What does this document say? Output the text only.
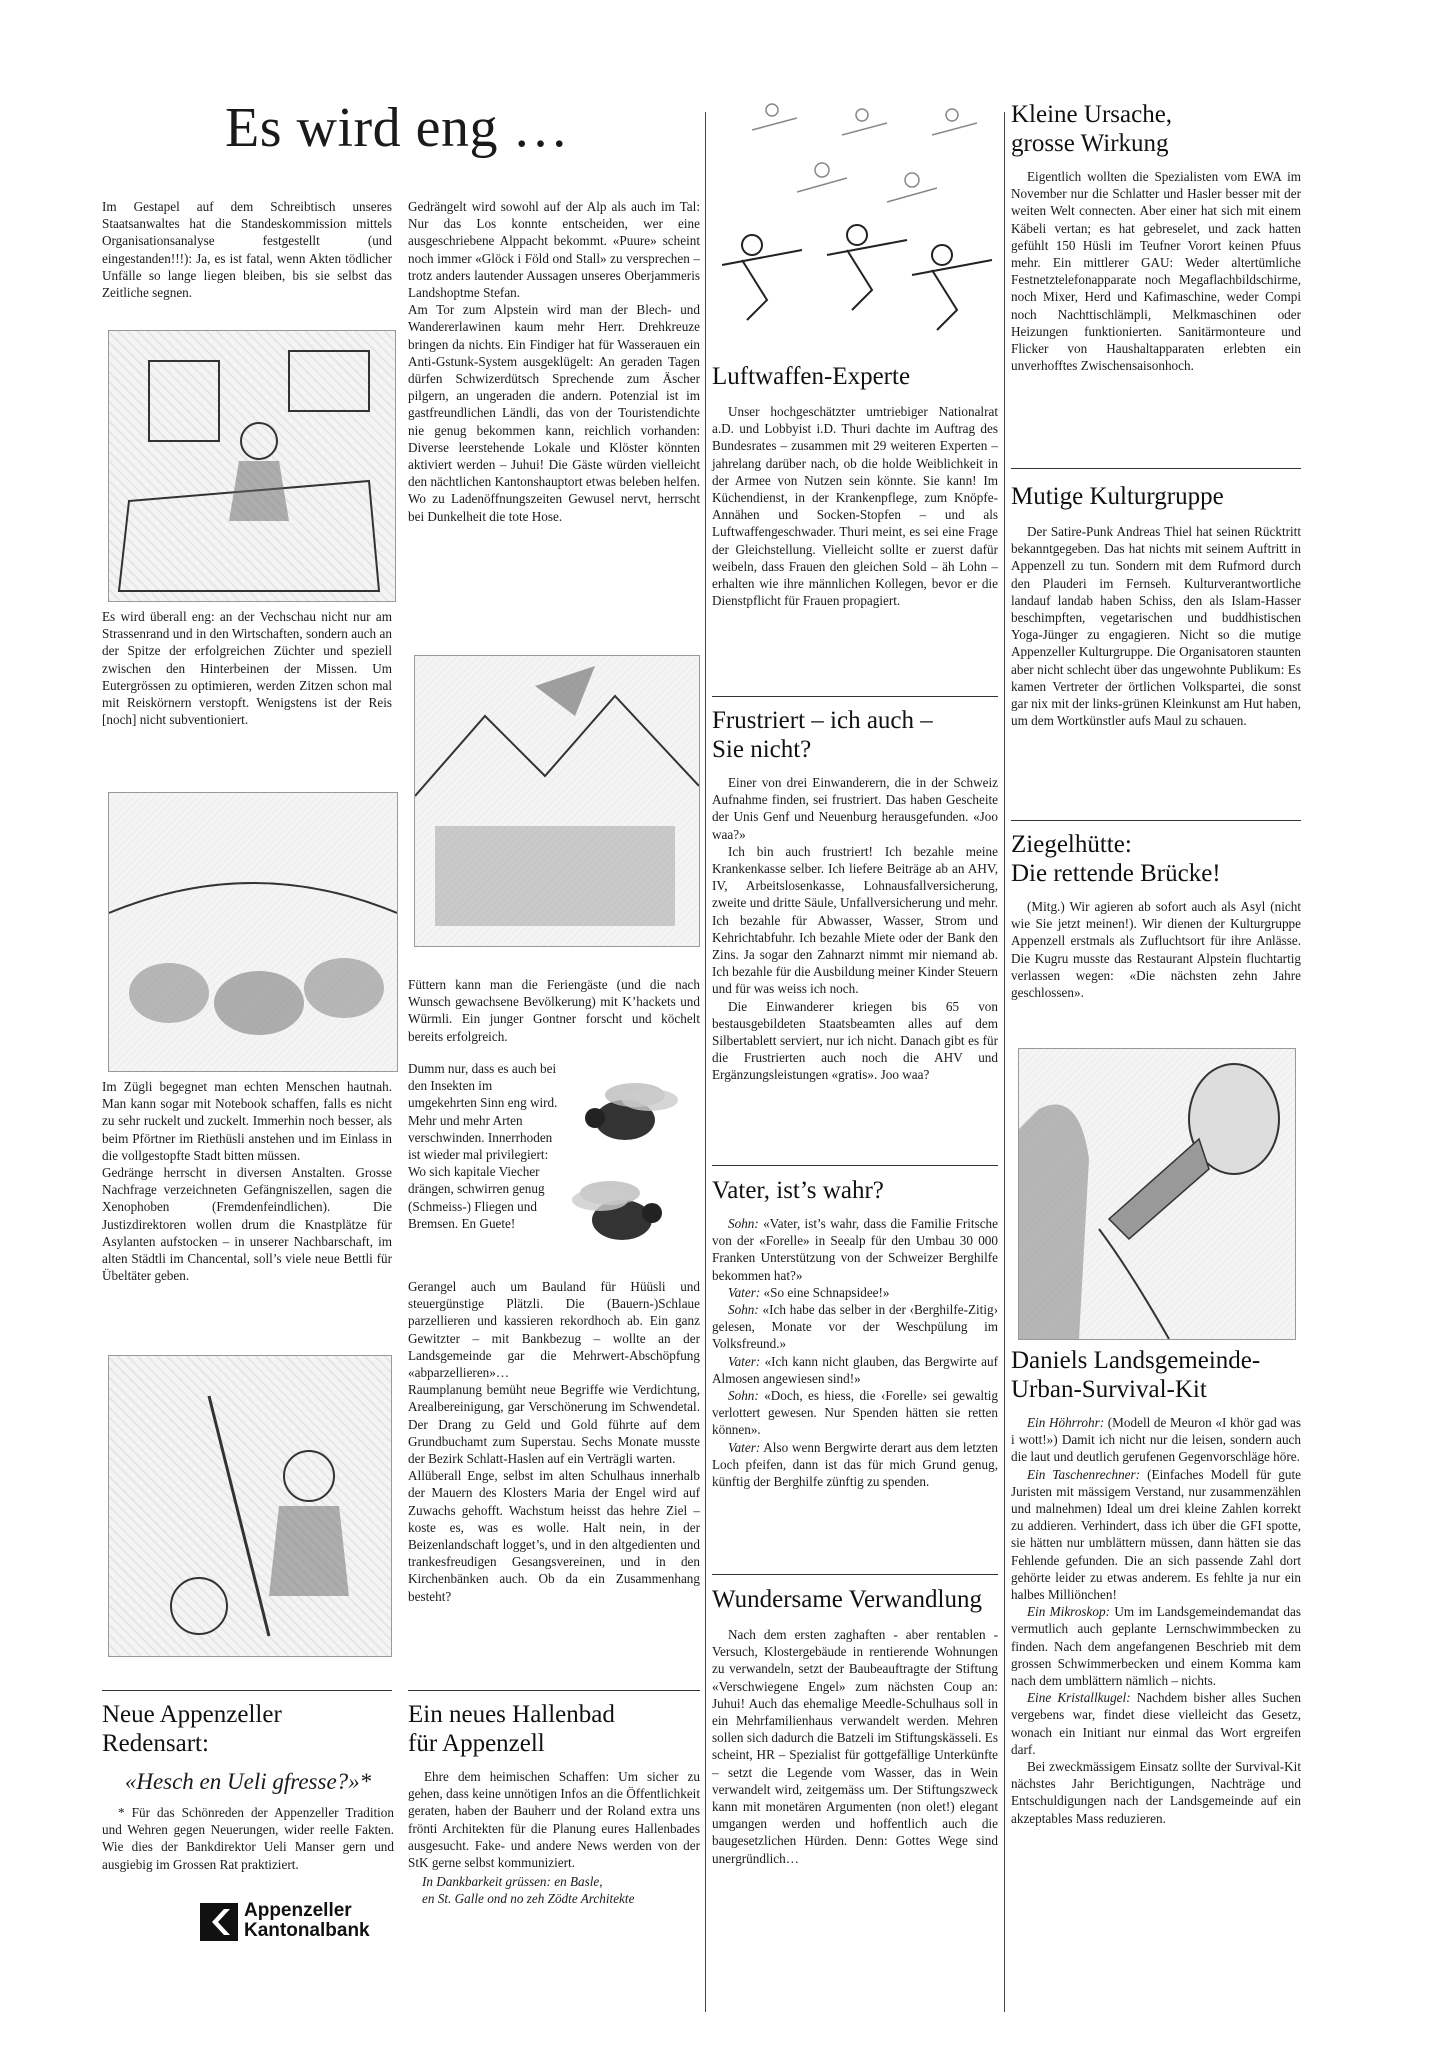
Es wird eng …

Im Gestapel auf dem Schreibtisch unseres Staatsanwaltes hat die Standeskommission mittels Organisationsanalyse festgestellt (und eingestanden!!!): Ja, es ist fatal, wenn Akten tödlicher Unfälle so lange liegen bleiben, bis sie selbst das Zeitliche segnen.

Es wird überall eng: an der Vechschau nicht nur am Strassenrand und in den Wirtschaften, sondern auch an der Spitze der erfolgreichen Züchter und speziell zwischen den Hinterbeinen der Missen. Um Eutergrössen zu optimieren, werden Zitzen schon mal mit Reiskörnern verstopft. Wenigstens ist der Reis [noch] nicht subventioniert.

Im Zügli begegnet man echten Menschen hautnah. Man kann sogar mit Notebook schaffen, falls es nicht zu sehr ruckelt und zuckelt. Immerhin noch besser, als beim Pförtner im Riethüsli anstehen und im Einlass in die vollgestopfte Stadt bitten müssen.

Gedränge herrscht in diversen Anstalten. Grosse Nachfrage verzeichneten Gefängniszellen, sagen die Xenophoben (Fremdenfeindlichen). Die Justizdirektoren wollen drum die Knastplätze für Asylanten aufstocken – in unserer Nachbarschaft, im alten Städtli im Chancental, soll’s viele neue Bettli für Übeltäter geben.

Gedrängelt wird sowohl auf der Alp als auch im Tal: Nur das Los konnte entscheiden, wer eine ausgeschriebene Alppacht bekommt. «Puure» scheint noch immer «Glöck i Föld ond Stall» zu versprechen – trotz anders lautender Aussagen unseres Oberjammeris Landshoptme Stefan.

Am Tor zum Alpstein wird man der Blech- und Wandererlawinen kaum mehr Herr. Drehkreuze bringen da nichts. Ein Findiger hat für Wasserauen ein Anti-Gstunk-System ausgeklügelt: An geraden Tagen dürfen Schwizerdütsch Sprechende zum Äscher pilgern, an ungeraden die andern. Potenzial ist im gastfreundlichen Ländli, das von der Touristendichte nie genug bekommen kann, reichlich vorhanden: Diverse leerstehende Lokale und Klöster könnten aktiviert werden – Juhui! Die Gäste würden vielleicht den nächtlichen Kantonshauptort etwas beleben helfen. Wo zu Ladenöffnungszeiten Gewusel nervt, herrscht bei Dunkelheit die tote Hose.

Füttern kann man die Feriengäste (und die nach Wunsch gewachsene Bevölkerung) mit K’hackets und Würmli. Ein junger Gontner forscht und köchelt bereits erfolgreich.

Dumm nur, dass es auch bei den Insekten im umgekehrten Sinn eng wird. Mehr und mehr Arten verschwinden. Innerrhoden ist wieder mal privilegiert: Wo sich kapitale Viecher drängen, schwirren genug (Schmeiss-) Fliegen und Bremsen. En Guete!

Gerangel auch um Bauland für Hüüsli und steuergünstige Plätzli. Die (Bauern-)Schlaue parzellieren und kassieren rekordhoch ab. Ein ganz Gewitzter – mit Bankbezug – wollte an der Landsgemeinde gar die Mehrwert-Abschöpfung «abparzellieren»…

Raumplanung bemüht neue Begriffe wie Verdichtung, Arealbereinigung, gar Verschönerung im Schwendetal. Der Drang zu Geld und Gold führte auf dem Grundbuchamt zum Superstau. Sechs Monate musste der Bezirk Schlatt-Haslen auf ein Verträgli warten.

Allüberall Enge, selbst im alten Schulhaus innerhalb der Mauern des Klosters Maria der Engel wird auf Zuwachs gehofft. Wachstum heisst das hehre Ziel – koste es, was es wolle. Halt nein, in der Beizenlandschaft logget’s, und in den altgedienten und trankesfreudigen Gesangsvereinen, und in den Kirchenbänken auch. Ob da ein Zusammenhang besteht?

Neue Appenzeller
Redensart:

«Hesch en Ueli gfresse?»*

* Für das Schönreden der Appenzeller Tradition und Wehren gegen Neuerungen, wider reelle Fakten. Wie dies der Bankdirektor Ueli Manser gern und ausgiebig im Grossen Rat praktiziert.

Appenzeller
Kantonalbank
Ein neues Hallenbad
für Appenzell

Ehre dem heimischen Schaffen: Um sicher zu gehen, dass keine unnötigen Infos an die Öffentlichkeit geraten, haben der Bauherr und der Roland extra uns frönti Architekten für die Planung eures Hallenbades ausgesucht. Fake- und andere News werden von der StK gerne selbst kommuniziert.

In Dankbarkeit grüssen: en Basle,

en St. Galle ond no zeh Zödte Architekte

Luftwaffen-Experte

Unser hochgeschätzter umtriebiger Nationalrat a.D. und Lobbyist i.D. Thuri dachte im Auftrag des Bundesrates – zusammen mit 29 weiteren Experten – jahrelang darüber nach, ob die holde Weiblichkeit in der Armee von Nutzen sein könnte. Sie kann! Im Küchendienst, in der Krankenpflege, zum Knöpfe-Annähen und Socken-Stopfen – und als Luftwaffengeschwader. Thuri meint, es sei eine Frage der Gleichstellung. Vielleicht sollte er zuerst dafür weibeln, dass Frauen den gleichen Sold – äh Lohn – erhalten wie ihre männlichen Kollegen, bevor er die Dienstpflicht für Frauen propagiert.

Frustriert – ich auch –
Sie nicht?

Einer von drei Einwanderern, die in der Schweiz Aufnahme finden, sei frustriert. Das haben Gescheite der Unis Genf und Neuenburg herausgefunden. «Joo waa?»

Ich bin auch frustriert! Ich bezahle meine Krankenkasse selber. Ich liefere Beiträge ab an AHV, IV, Arbeitslosenkasse, Lohnausfallversicherung, zweite und dritte Säule, Unfallversicherung und mehr. Ich bezahle für Abwasser, Wasser, Strom und Kehrichtabfuhr. Ich bezahle Miete oder der Bank den Zins. Ja sogar den Zahnarzt nimmt mir niemand ab. Ich bezahle für die Ausbildung meiner Kinder Steuern und für was weiss ich noch.

Die Einwanderer kriegen bis 65 von bestausgebildeten Staatsbeamten alles auf dem Silbertablett serviert, nur ich nicht. Danach gibt es für die Frustrierten auch noch die AHV und Ergänzungsleistungen «gratis». Joo waa?

Vater, ist’s wahr?

Sohn: «Vater, ist’s wahr, dass die Familie Fritsche von der «Forelle» in Seealp für den Umbau 30 000 Franken Unterstützung von der Schweizer Berghilfe bekommen hat?»

Vater: «So eine Schnapsidee!»

Sohn: «Ich habe das selber in der ‹Berghilfe-Zitig› gelesen, Monate vor der Weschpülung im Volksfreund.»

Vater: «Ich kann nicht glauben, das Bergwirte auf Almosen angewiesen sind!»

Sohn: «Doch, es hiess, die ‹Forelle› sei gewaltig verlottert gewesen. Nur Spenden hätten sie retten können».

Vater: Also wenn Bergwirte derart aus dem letzten Loch pfeifen, dann ist das für mich Grund genug, künftig der Berghilfe zünftig zu spenden.

Wundersame Verwandlung

Nach dem ersten zaghaften - aber rentablen - Versuch, Klostergebäude in rentierende Wohnungen zu verwandeln, setzt der Baubeauftragte der Stiftung «Verschwiegene Engel» zum nächsten Coup an: Juhui! Auch das ehemalige Meedle-Schulhaus soll in ein Mehrfamilienhaus verwandelt werden. Mehren sollen sich dadurch die Batzeli im Stiftungskässeli. Es scheint, HR – Spezialist für gottgefällige Unterkünfte – setzt die Legende vom Wasser, das in Wein verwandelt wird, zeitgemäss um. Der Stiftungszweck kann mit monetären Argumenten (non olet!) elegant umgangen werden und hoffentlich auch die baugesetzlichen Hürden. Denn: Gottes Wege sind unergründlich…

Kleine Ursache,
grosse Wirkung

Eigentlich wollten die Spezialisten vom EWA im November nur die Schlatter und Hasler besser mit der weiten Welt connecten. Aber einer hat sich mit einem Käbeli vertan; es hat gebreselet, und zack hatten gefühlt 150 Hüsli im Teufner Vorort keinen Pfuus mehr. Ein mittlerer GAU: Weder altertümliche Festnetztelefonapparate noch Megaflachbildschirme, noch Mixer, Herd und Kafimaschine, weder Compi noch Nachttischlämpli, Melkmaschinen oder Heizungen funktionierten. Sanitärmonteure und Flicker von Haushaltapparaten erlebten ein unverhofftes Zwischensaisonhoch.

Mutige Kulturgruppe

Der Satire-Punk Andreas Thiel hat seinen Rücktritt bekanntgegeben. Das hat nichts mit seinem Auftritt in Appenzell zu tun. Sondern mit dem Rufmord durch den Plauderi im Fernseh. Kulturverantwortliche landauf landab haben Schiss, den als Islam-Hasser beschimpften, vegetarischen und buddhistischen Yoga-Jünger zu engagieren. Nicht so die mutige Appenzeller Kulturgruppe. Die Organisatoren staunten aber nicht schlecht über das ungewohnte Publikum: Es kamen Vertreter der örtlichen Volkspartei, die sonst gar nix mit der links-grünen Kleinkunst am Hut haben, um dem Wortkünstler aufs Maul zu schauen.

Ziegelhütte:
Die rettende Brücke!

(Mitg.) Wir agieren ab sofort auch als Asyl (nicht wie Sie jetzt meinen!). Wir dienen der Kulturgruppe Appenzell erstmals als Zufluchtsort für ihre Anlässe. Die Kugru musste das Restaurant Alpstein fluchtartig verlassen wegen: «Die nächsten zehn Jahre geschlossen».

Daniels Landsgemeinde-
Urban-Survival-Kit

Ein Höhrrohr: (Modell de Meuron «I khör gad was i wott!») Damit ich nicht nur die leisen, sondern auch die laut und deutlich gerufenen Gegenvorschläge höre.

Ein Taschenrechner: (Einfaches Modell für gute Juristen mit mässigem Verstand, nur zusammenzählen und malnehmen) Ideal um drei kleine Zahlen korrekt zu addieren. Verhindert, dass ich über die GFI spotte, sie hätten nur umblättern müssen, dann hätten sie das Fehlende gefunden. Die an sich passende Zahl dort gehörte leider zu etwas anderem. Es fehlte ja nur ein halbes Milliönchen!

Ein Mikroskop: Um im Landsgemeindemandat das vermutlich auch geplante Lernschwimmbecken zu finden. Nach dem angefangenen Beschrieb mit dem grossen Schwimmerbecken und einem Komma kam nach dem umblättern nämlich – nichts.

Eine Kristallkugel: Nachdem bisher alles Suchen vergebens war, findet diese vielleicht das Gesetz, wonach ein Initiant nur einmal das Wort ergreifen darf.

Bei zweckmässigem Einsatz sollte der Survival-Kit nächstes Jahr Berichtigungen, Nachträge und Entschuldigungen nach der Landsgemeinde auf ein akzeptables Mass reduzieren.
